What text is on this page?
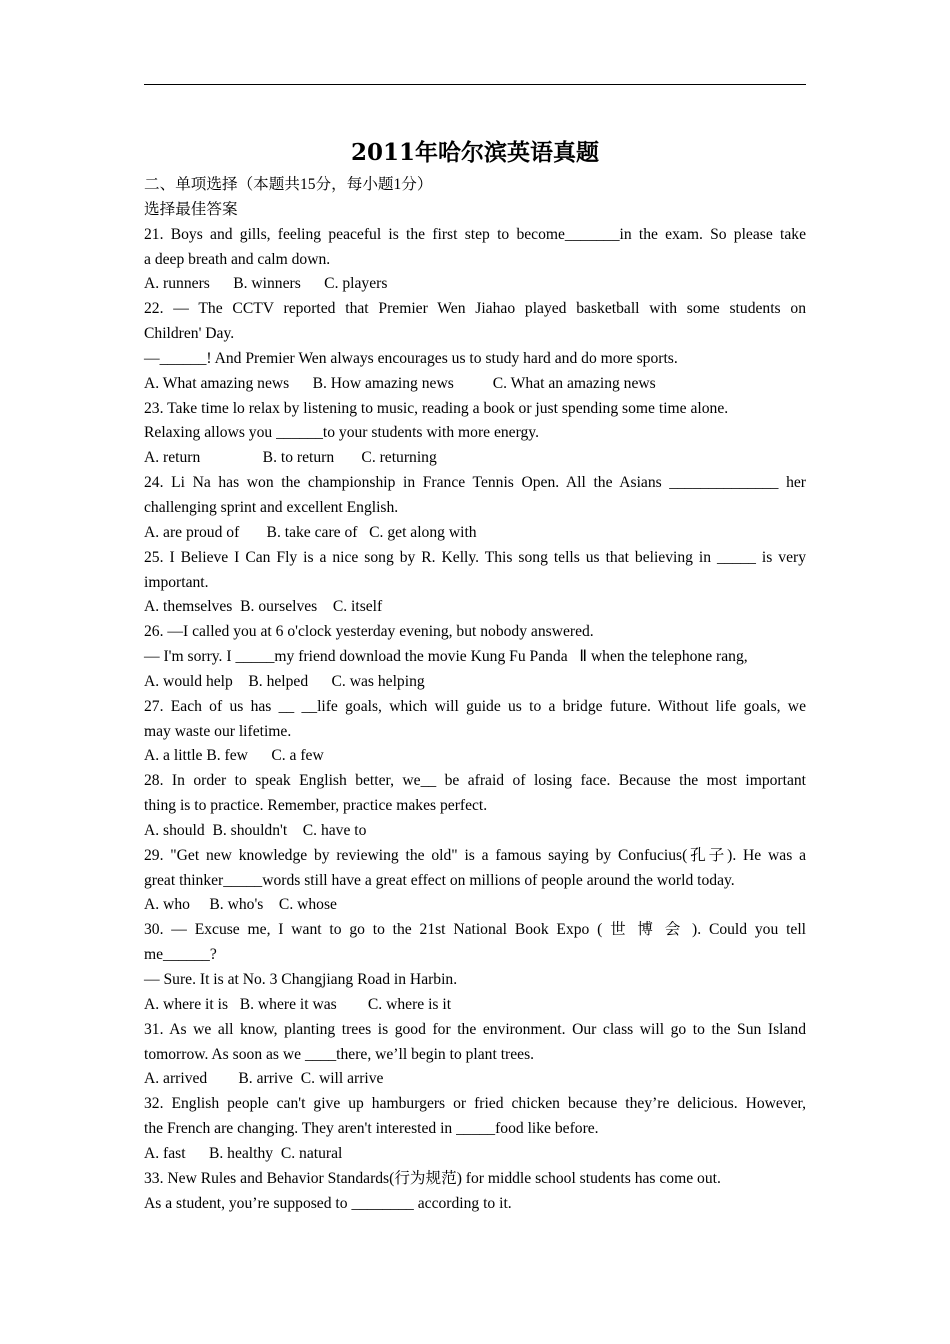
2011年哈尔滨英语真题
二、单项选择（本题共15分，每小题1分）
选择最佳答案
21. Boys and gills, feeling peaceful is the first step to become_______in the exam. So please take
a deep breath and calm down.
A. runners      B. winners      C. players
22. — The CCTV reported that Premier Wen Jiahao played basketball with some students on
Children' Day.
—______! And Premier Wen always encourages us to study hard and do more sports.
A. What amazing news      B. How amazing news          C. What an amazing news
23. Take time lo relax by listening to music, reading a book or just spending some time alone.
Relaxing allows you ______to your students with more energy.
A. return                B. to return       C. returning
24. Li Na has won the championship in France Tennis Open. All the Asians ______________ her
challenging sprint and excellent English.
A. are proud of       B. take care of   C. get along with
25. I Believe I Can Fly is a nice song by R. Kelly. This song tells us that believing in _____ is very
important.
A. themselves  B. ourselves    C. itself
26. —I called you at 6 o'clock yesterday evening, but nobody answered.
— I'm sorry. I _____my friend download the movie Kung Fu Panda   Ⅱ when the telephone rang,
A. would help    B. helped      C. was helping
27. Each of us has __ __life goals, which will guide us to a bridge future. Without life goals, we
may waste our lifetime.
A. a little B. few      C. a few
28. In order to speak English better, we__ be afraid of losing face. Because the most important
thing is to practice. Remember, practice makes perfect.
A. should  B. shouldn't    C. have to
29. "Get new knowledge by reviewing the old" is a famous saying by Confucius(孔子). He was a
great thinker_____words still have a great effect on millions of people around the world today.
A. who     B. who's    C. whose
30. — Excuse me, I want to go to the 21st National Book Expo ( 世 博 会 ). Could you tell
me______?
— Sure. It is at No. 3 Changjiang Road in Harbin.
A. where it is   B. where it was        C. where is it
31. As we all know, planting trees is good for the environment. Our class will go to the Sun Island
tomorrow. As soon as we ____there, we’ll begin to plant trees.
A. arrived        B. arrive  C. will arrive
32. English people can't give up hamburgers or fried chicken because they’re delicious. However,
the French are changing. They aren't interested in _____food like before.
A. fast      B. healthy  C. natural
33. New Rules and Behavior Standards(行为规范) for middle school students has come out.
As a student, you’re supposed to ________ according to it.
